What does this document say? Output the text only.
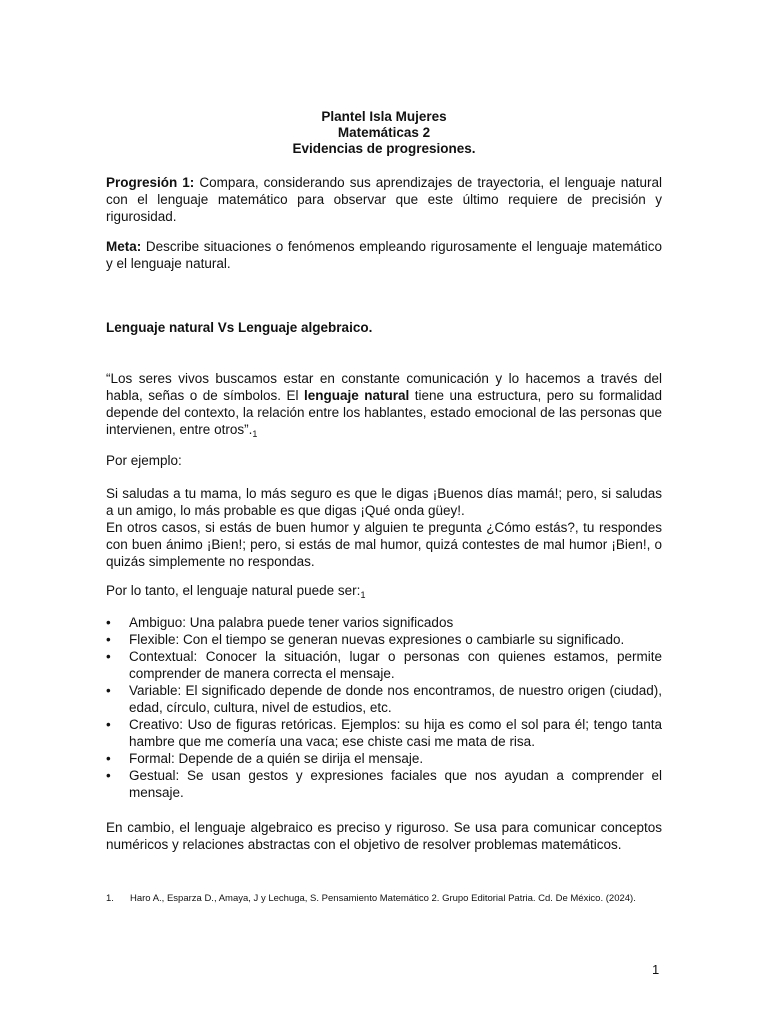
Plantel Isla Mujeres
Matemáticas 2
Evidencias de progresiones.
Progresión 1: Compara, considerando sus aprendizajes de trayectoria, el lenguaje natural con el lenguaje matemático para observar que este último requiere de precisión y rigurosidad.
Meta: Describe situaciones o fenómenos empleando rigurosamente el lenguaje matemático y el lenguaje natural.
Lenguaje natural Vs Lenguaje algebraico.
“Los seres vivos buscamos estar en constante comunicación y lo hacemos a través del habla, señas o de símbolos. El lenguaje natural tiene una estructura, pero su formalidad depende del contexto, la relación entre los hablantes, estado emocional de las personas que intervienen, entre $otros”._1$
Por ejemplo:
Si saludas a tu mama, lo más seguro es que le digas ¡Buenos días mamá!; pero, si saludas a un amigo, lo más probable es que digas ¡Qué onda güey!.
En otros casos, si estás de buen humor y alguien te pregunta ¿Cómo estás?, tu respondes con buen ánimo ¡Bien!; pero, si estás de mal humor, quizá contestes de mal humor ¡Bien!, o quizás simplemente no respondas.
Por lo tanto, el lenguaje natural puede $ser:_1$
• Ambiguo: Una palabra puede tener varios significados
• Flexible: Con el tiempo se generan nuevas expresiones o cambiarle su significado.
• Contextual: Conocer la situación, lugar o personas con quienes estamos, permite comprender de manera correcta el mensaje.
• Variable: El significado depende de donde nos encontramos, de nuestro origen (ciudad), edad, círculo, cultura, nivel de estudios, etc.
• Creativo: Uso de figuras retóricas. Ejemplos: su hija es como el sol para él; tengo tanta hambre que me comería una vaca; ese chiste casi me mata de risa.
• Formal: Depende de a quién se dirija el mensaje.
• Gestual: Se usan gestos y expresiones faciales que nos ayudan a comprender el mensaje.
En cambio, el lenguaje algebraico es preciso y riguroso. Se usa para comunicar conceptos numéricos y relaciones abstractas con el objetivo de resolver problemas matemáticos.
1. Haro A., Esparza D., Amaya, J y Lechuga, S. Pensamiento Matemático 2. Grupo Editorial Patria. Cd. De México. (2024).
1
